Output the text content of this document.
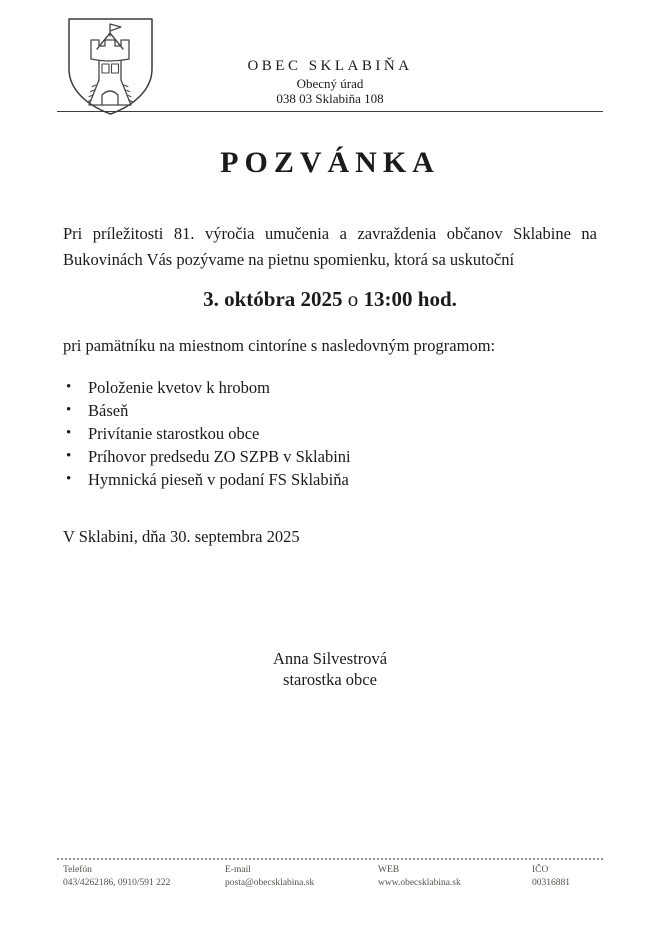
OBEC SKLABIŇA
Obecný úrad
038 03 Sklabiňa 108
POZVÁNKA

Pri príležitosti 81. výročia umučenia a zavraždenia občanov Sklabine na
Bukovinách Vás pozývame na pietnu spomienku, ktorá sa uskutoční

3. októbra 2025 o 13:00 hod.
pri pamätníku na miestnom cintoríne s nasledovným programom:
•	Položenie kvetov k hrobom
•	Báseň
•	Privítanie starostkou obce
•	Príhovor predsedu ZO SZPB v Sklabini
•	Hymnická pieseň v podaní FS Sklabiňa
V Sklabini, dňa 30. septembra 2025
Anna Silvestrová
starostka obce
Telefón
043/4262186, 0910/591 222
E-mail
posta@obecsklabina.sk
WEB
www.obecsklabina.sk
IČO
00316881
